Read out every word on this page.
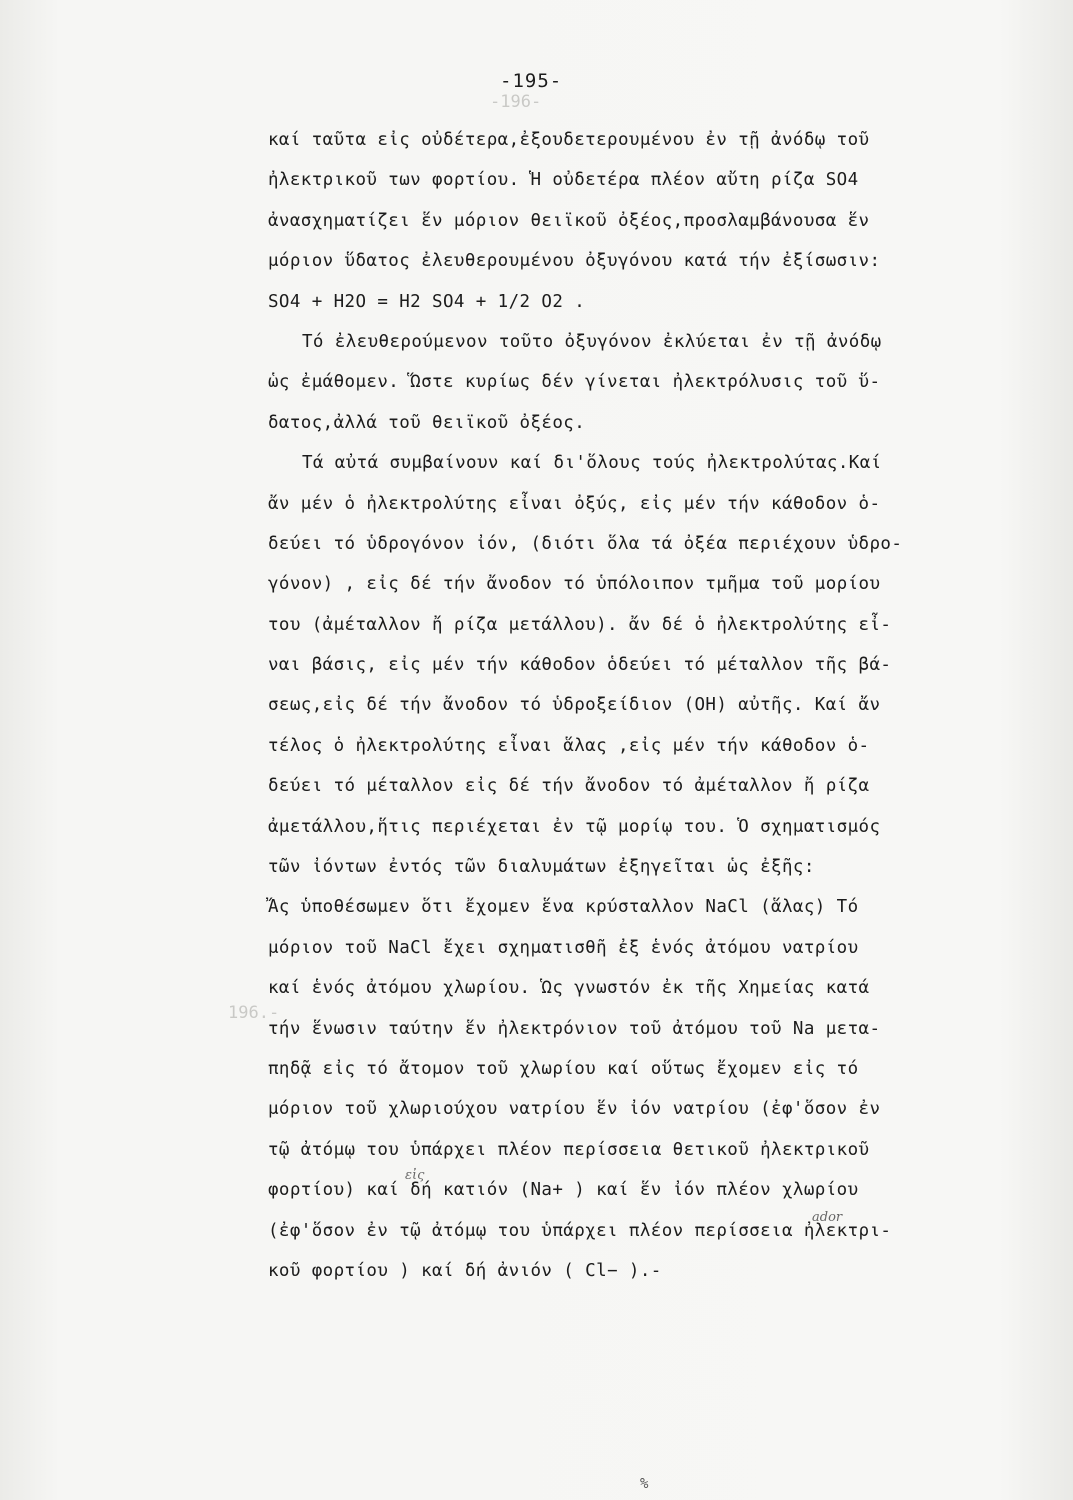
-196-
196.-
-195-
καί ταῦτα εἰς οὐδέτερα,ἐξουδετερουμένου ἐν τῇ ἀνόδῳ τοῦ
ἠλεκτρικοῦ των φορτίου. Ἡ οὐδετέρα πλέον αὔτη ρίζα SO4
ἀνασχηματίζει ἕν μόριον θειϊκοῦ ὀξέος,προσλαμβάνουσα ἕν
μόριον ὕδατος ἐλευθερουμένου ὀξυγόνου κατά τήν ἐξίσωσιν:
SO4 + H2O = H2 SO4 + 1/2 O2 .
Τό ἐλευθερούμενον τοῦτο ὀξυγόνον ἐκλύεται ἐν τῇ ἀνόδῳ
ὡς ἐμάθομεν. Ὥστε κυρίως δέν γίνεται ἠλεκτρόλυσις τοῦ ὕ-
δατος,ἀλλά τοῦ θειϊκοῦ ὀξέος.
Τά αὐτά συμβαίνουν καί δι'ὅλους τούς ἠλεκτρολύτας.Καί
ἄν μέν ὁ ἠλεκτρολύτης εἶναι ὀξύς, εἰς μέν τήν κάθοδον ὁ-
δεύει τό ὑδρογόνον ἰόν, (διότι ὅλα τά ὀξέα περιέχουν ὑδρο-
γόνον) , εἰς δέ τήν ἄνοδον τό ὑπόλοιπον τμῆμα τοῦ μορίου
του (ἀμέταλλον ἤ ρίζα μετάλλου). ἄν δέ ὁ ἠλεκτρολύτης εἶ-
ναι βάσις, εἰς μέν τήν κάθοδον ὁδεύει τό μέταλλον τῆς βά-
σεως,εἰς δέ τήν ἄνοδον τό ὑδροξείδιον (OH) αὐτῆς. Καί ἄν
τέλος ὁ ἠλεκτρολύτης εἶναι ἅλας ,εἰς μέν τήν κάθοδον ὁ-
δεύει τό μέταλλον εἰς δέ τήν ἄνοδον τό ἀμέταλλον ἤ ρίζα
ἀμετάλλου,ἥτις περιέχεται ἐν τῷ μορίῳ του. Ὁ σχηματισμός
τῶν ἰόντων ἐντός τῶν διαλυμάτων ἐξηγεῖται ὡς ἐξῆς:
Ἄς ὑποθέσωμεν ὅτι ἔχομεν ἕνα κρύσταλλον NaCl (ἅλας) Τό
μόριον τοῦ NaCl ἔχει σχηματισθῆ ἐξ ἑνός ἀτόμου νατρίου
καί ἑνός ἀτόμου χλωρίου. Ὡς γνωστόν ἐκ τῆς Χημείας κατά
τήν ἕνωσιν ταύτην ἕν ἠλεκτρόνιον τοῦ ἀτόμου τοῦ Na μετα-
πηδᾷ εἰς τό ἄτομον τοῦ χλωρίου καί οὕτως ἔχομεν εἰς τό
μόριον τοῦ χλωριούχου νατρίου ἕν ἰόν νατρίου (ἐφ'ὅσον ἐν
τῷ ἀτόμῳ του ὑπάρχει πλέον περίσσεια θετικοῦ ἠλεκτρικοῦ
φορτίου) καί δή κατιόν (Na+ ) καί ἕν ἰόν πλέον χλωρίου
(ἐφ'ὅσον ἐν τῷ ἀτόμῳ του ὑπάρχει πλέον περίσσεια ἠλεκτρι-
κοῦ φορτίου ) καί δή ἀνιόν ( Cl− ).-
εἰς
ador
%
